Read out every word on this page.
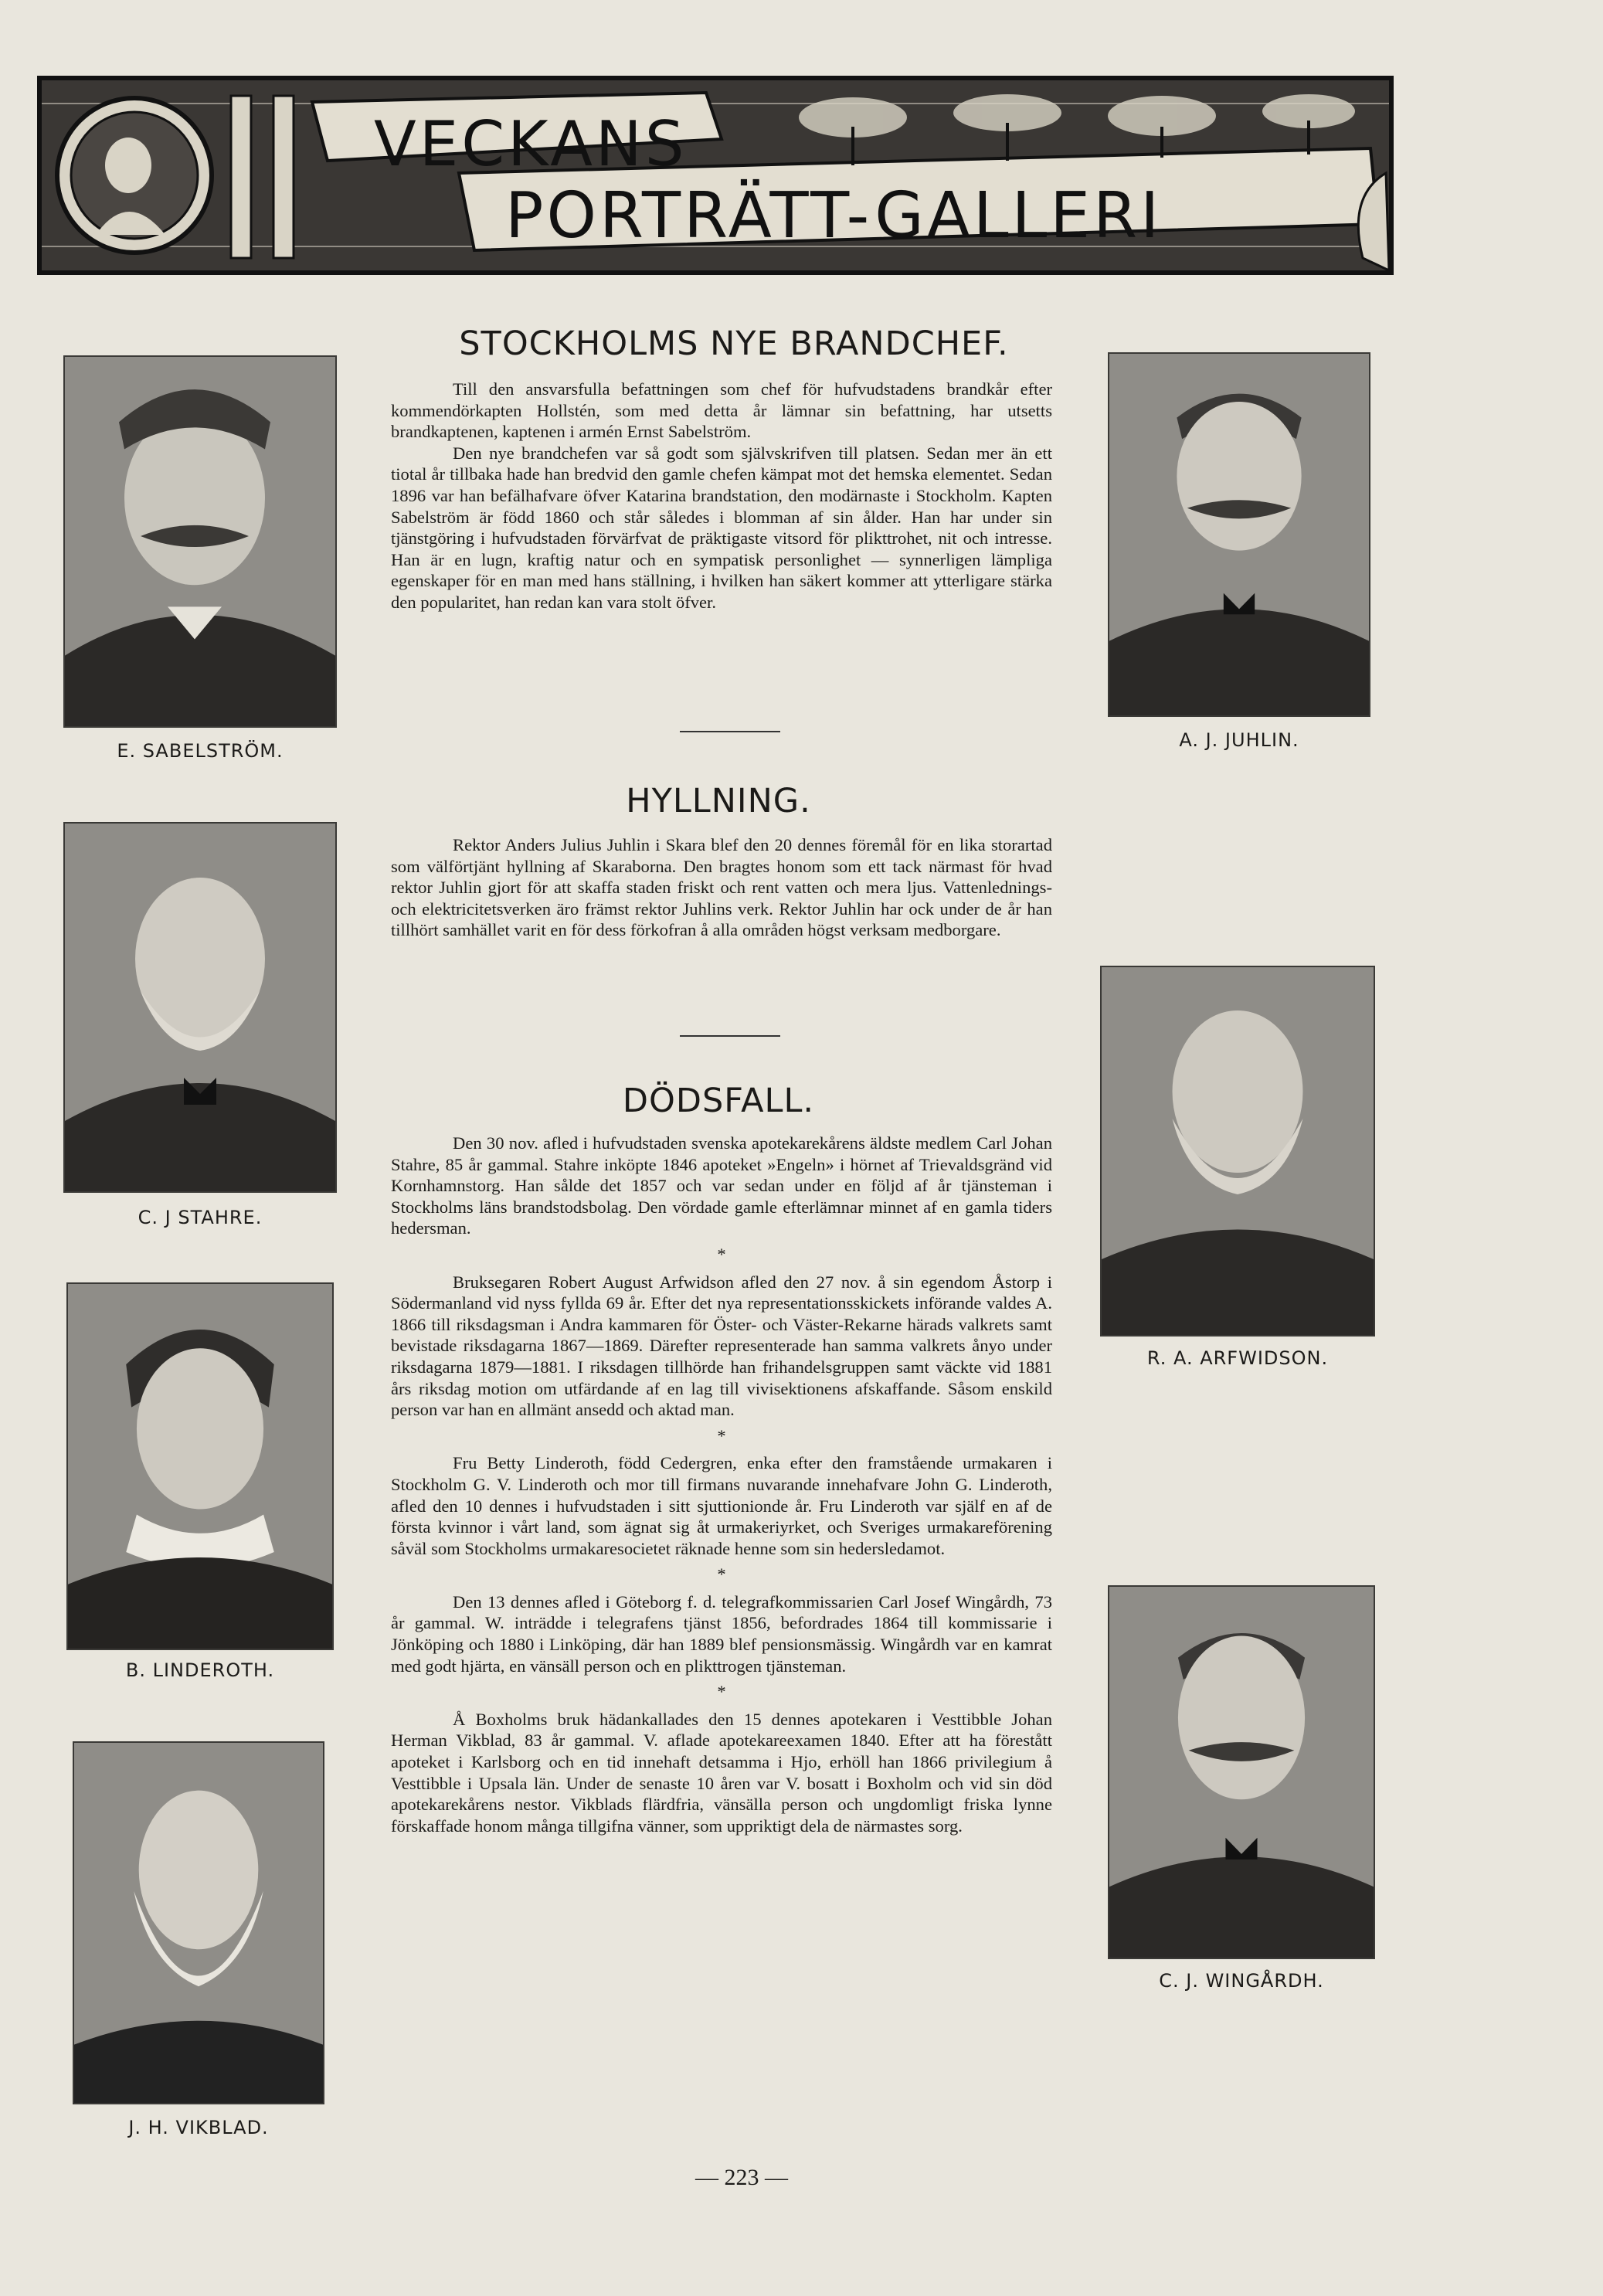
VECKANS
PORTRÄTT-GALLERI
STOCKHOLMS NYE BRANDCHEF.

Till den ansvarsfulla befattningen som chef för hufvudstadens brandkår efter kommendörkapten Hollstén, som med detta år lämnar sin befattning, har utsetts brandkaptenen, kaptenen i armén Ernst Sabelström.

Den nye brandchefen var så godt som självskrifven till platsen. Sedan mer än ett tiotal år tillbaka hade han bredvid den gamle chefen kämpat mot det hemska elementet. Sedan 1896 var han befälhafvare öfver Katarina brandstation, den modärnaste i Stockholm. Kapten Sabelström är född 1860 och står således i blomman af sin ålder. Han har under sin tjänstgöring i hufvudstaden förvärfvat de präktigaste vitsord för plikttrohet, nit och intresse. Han är en lugn, kraftig natur och en sympatisk personlighet — synnerligen lämpliga egenskaper för en man med hans ställning, i hvilken han säkert kommer att ytterligare stärka den popularitet, han redan kan vara stolt öfver.

HYLLNING.

Rektor Anders Julius Juhlin i Skara blef den 20 dennes föremål för en lika storartad som välförtjänt hyllning af Skaraborna. Den bragtes honom som ett tack närmast för hvad rektor Juhlin gjort för att skaffa staden friskt och rent vatten och mera ljus. Vattenlednings- och elektricitetsverken äro främst rektor Juhlins verk. Rektor Juhlin har ock under de år han tillhört samhället varit en för dess förkofran å alla områden högst verksam medborgare.

DÖDSFALL.

Den 30 nov. afled i hufvudstaden svenska apotekarekårens äldste medlem Carl Johan Stahre, 85 år gammal. Stahre inköpte 1846 apoteket »Engeln» i hörnet af Trievaldsgränd vid Kornhamnstorg. Han sålde det 1857 och var sedan under en följd af år tjänsteman i Stockholms läns brandstodsbolag. Den vördade gamle efterlämnar minnet af en gamla tiders hedersman.

*

Bruksegaren Robert August Arfwidson afled den 27 nov. å sin egendom Åstorp i Södermanland vid nyss fyllda 69 år. Efter det nya representationsskickets införande valdes A. 1866 till riksdagsman i Andra kammaren för Öster- och Väster-Rekarne härads valkrets samt bevistade riksdagarna 1867—1869. Därefter representerade han samma valkrets ånyo under riksdagarna 1879—1881. I riksdagen tillhörde han frihandelsgruppen samt väckte vid 1881 års riksdag motion om utfärdande af en lag till vivisektionens afskaffande. Såsom enskild person var han en allmänt ansedd och aktad man.

*

Fru Betty Linderoth, född Cedergren, enka efter den framstående urmakaren i Stockholm G. V. Linderoth och mor till firmans nuvarande innehafvare John G. Linderoth, afled den 10 dennes i hufvudstaden i sitt sjuttionionde år. Fru Linderoth var själf en af de första kvinnor i vårt land, som ägnat sig åt urmakeriyrket, och Sveriges urmakareförening såväl som Stockholms urmakaresocietet räknade henne som sin hedersledamot.

*

Den 13 dennes afled i Göteborg f. d. telegrafkommissarien Carl Josef Wingårdh, 73 år gammal. W. inträdde i telegrafens tjänst 1856, befordrades 1864 till kommissarie i Jönköping och 1880 i Linköping, där han 1889 blef pensionsmässig. Wingårdh var en kamrat med godt hjärta, en vänsäll person och en plikttrogen tjänsteman.

*

Å Boxholms bruk hädankallades den 15 dennes apotekaren i Vesttibble Johan Herman Vikblad, 83 år gammal. V. aflade apotekareexamen 1840. Efter att ha förestått apoteket i Karlsborg och en tid innehaft detsamma i Hjo, erhöll han 1866 privilegium å Vesttibble i Upsala län. Under de senaste 10 åren var V. bosatt i Boxholm och vid sin död apotekarekårens nestor. Vikblads flärdfria, vänsälla person och ungdomligt friska lynne förskaffade honom många tillgifna vänner, som uppriktigt dela de närmastes sorg.

E. SABELSTRÖM.
C. J STAHRE.
B. LINDEROTH.
J. H. VIKBLAD.
A. J. JUHLIN.
R. A. ARFWIDSON.
C. J. WINGÅRDH.
— 223 —
